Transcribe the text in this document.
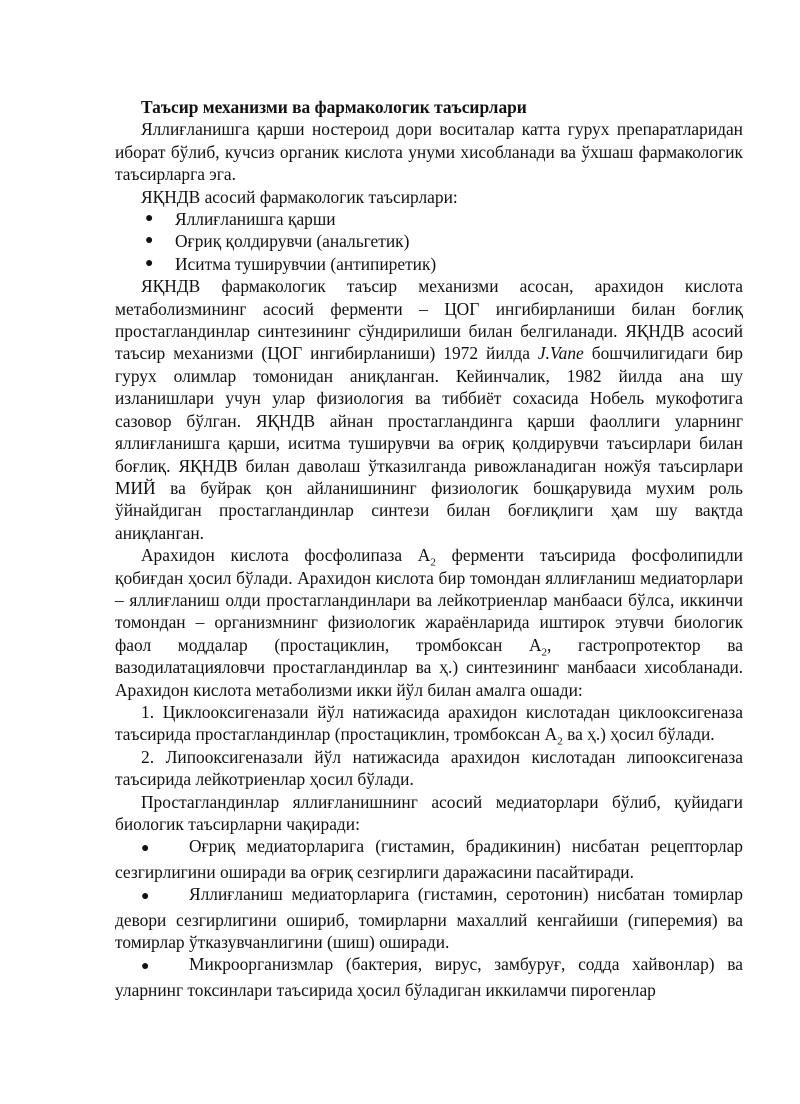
Таъсир механизми ва фармакологик таъсирлари

Яллиғланишга қарши ностероид дори воситалар катта гурух препаратларидан иборат бўлиб, кучсиз органик кислота унуми хисобланади ва ўхшаш фармакологик таъсирларга эга.

ЯҚНДВ асосий фармакологик таъсирлари:

● Яллиғланишга қарши
● Оғриқ қолдирувчи (анальгетик)
● Иситма туширувчии (антипиретик)

ЯҚНДВ фармакологик таъсир механизми асосан, арахидон кислота метаболизмининг асосий ферменти – ЦОГ ингибирланиши билан боғлиқ простагландинлар синтезининг сўндирилиши билан белгиланади. ЯҚНДВ асосий таъсир механизми (ЦОГ ингибирланиши) 1972 йилда J.Vane бошчилигидаги бир гурух олимлар томонидан аниқланган. Кейинчалик, 1982 йилда ана шу изланишлари учун улар физиология ва тиббиёт сохасида Нобель мукофотига сазовор бўлган. ЯҚНДВ айнан простагландинга қарши фаоллиги уларнинг яллиғланишга қарши, иситма туширувчи ва оғриқ қолдирувчи таъсирлари билан боғлиқ. ЯҚНДВ билан даволаш ўтказилганда ривожланадиган ножўя таъсирлари МИЙ ва буйрак қон айланишининг физиологик бошқарувида мухим роль ўйнайдиган простагландинлар синтези билан боғлиқлиги ҳам шу вақтда аниқланган.

Арахидон кислота фосфолипаза $А_2$ ферменти таъсирида фосфолипидли қобиғдан ҳосил бўлади. Арахидон кислота бир томондан яллиғланиш медиаторлари – яллиғланиш олди простагландинлари ва лейкотриенлар манбааси бўлса, иккинчи томондан – организмнинг физиологик жараёнларида иштирок этувчи биологик фаол моддалар (простациклин, тромбоксан $А_2$, гастропротектор ва вазодилатацияловчи простагландинлар ва ҳ.) синтезининг манбааси хисобланади. Арахидон кислота метаболизми икки йўл билан амалга ошади:

1. Циклооксигеназали йўл натижасида арахидон кислотадан циклооксигеназа таъсирида простагландинлар (простациклин, тромбоксан $А_2$ ва ҳ.) ҳосил бўлади.

2. Липооксигеназали йўл натижасида арахидон кислотадан липооксигеназа таъсирида лейкотриенлар ҳосил бўлади.

Простагландинлар яллиғланишнинг асосий медиаторлари бўлиб, қуйидаги биологик таъсирларни чақиради:

● Оғриқ медиаторларига (гистамин, брадикинин) нисбатан рецепторлар сезгирлигини оширади ва оғриқ сезгирлиги даражасини пасайтиради.

● Яллиғланиш медиаторларига (гистамин, серотонин) нисбатан томирлар девори сезгирлигини ошириб, томирларни махаллий кенгайиши (гиперемия) ва томирлар ўтказувчанлигини (шиш) оширади.

● Микроорганизмлар (бактерия, вирус, замбуруғ, содда хайвонлар) ва уларнинг токсинлари таъсирида ҳосил бўладиган иккиламчи пирогенлар
